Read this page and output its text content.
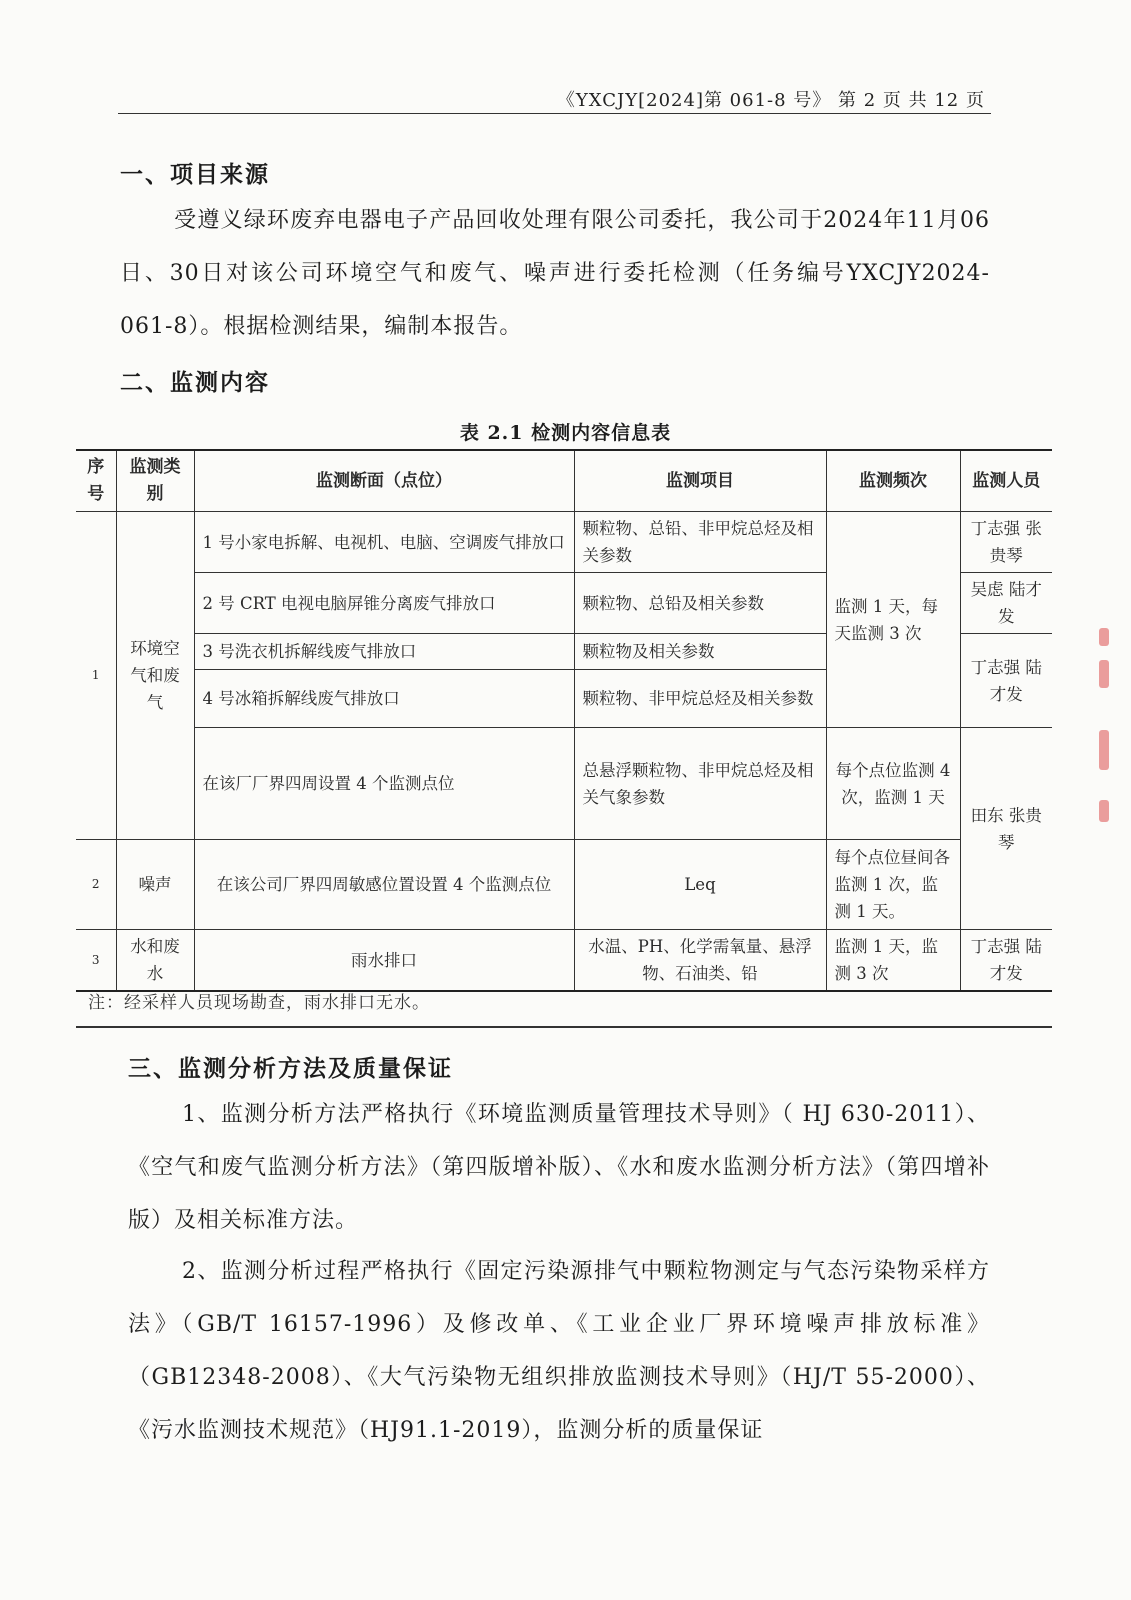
《YXCJY[2024]第 061-8 号》 第 2 页 共 12 页
一、项目来源

受遵义绿环废弃电器电子产品回收处理有限公司委托，我公司于2024年11月06日、30日对该公司环境空气和废气、噪声进行委托检测（任务编号YXCJY2024-061-8）。根据检测结果，编制本报告。

二、监测内容
表 2.1 检测内容信息表
序号	监测类别	监测断面（点位）	监测项目	监测频次	监测人员
1	环境空气和废气	1 号小家电拆解、电视机、电脑、空调废气排放口	颗粒物、总铅、非甲烷总烃及相关参数	监测 1 天，每天监测 3 次	丁志强 张贵琴
		2 号 CRT 电视电脑屏锥分离废气排放口	颗粒物、总铅及相关参数		吴虑 陆才发
		3 号洗衣机拆解线废气排放口	颗粒物及相关参数		丁志强 陆才发
		4 号冰箱拆解线废气排放口	颗粒物、非甲烷总烃及相关参数		
		在该厂厂界四周设置 4 个监测点位	总悬浮颗粒物、非甲烷总烃及相关气象参数	每个点位监测 4 次，监测 1 天	田东 张贵琴
2	噪声	在该公司厂界四周敏感位置设置 4 个监测点位	Leq	每个点位昼间各监测 1 次，监测 1 天。	
3	水和废水	雨水排口	水温、PH、化学需氧量、悬浮物、石油类、铅	监测 1 天，监测 3 次	丁志强 陆才发
注：经采样人员现场勘查，雨水排口无水。
三、监测分析方法及质量保证

1、监测分析方法严格执行《环境监测质量管理技术导则》（ HJ 630-2011）、《空气和废气监测分析方法》（第四版增补版）、《水和废水监测分析方法》（第四增补版）及相关标准方法。

2、监测分析过程严格执行《固定污染源排气中颗粒物测定与气态污染物采样方法》（GB/T 16157-1996）及修改单、《工业企业厂界环境噪声排放标准》（GB12348-2008）、《大气污染物无组织排放监测技术导则》（HJ/T 55-2000）、《污水监测技术规范》（HJ91.1-2019），监测分析的质量保证
